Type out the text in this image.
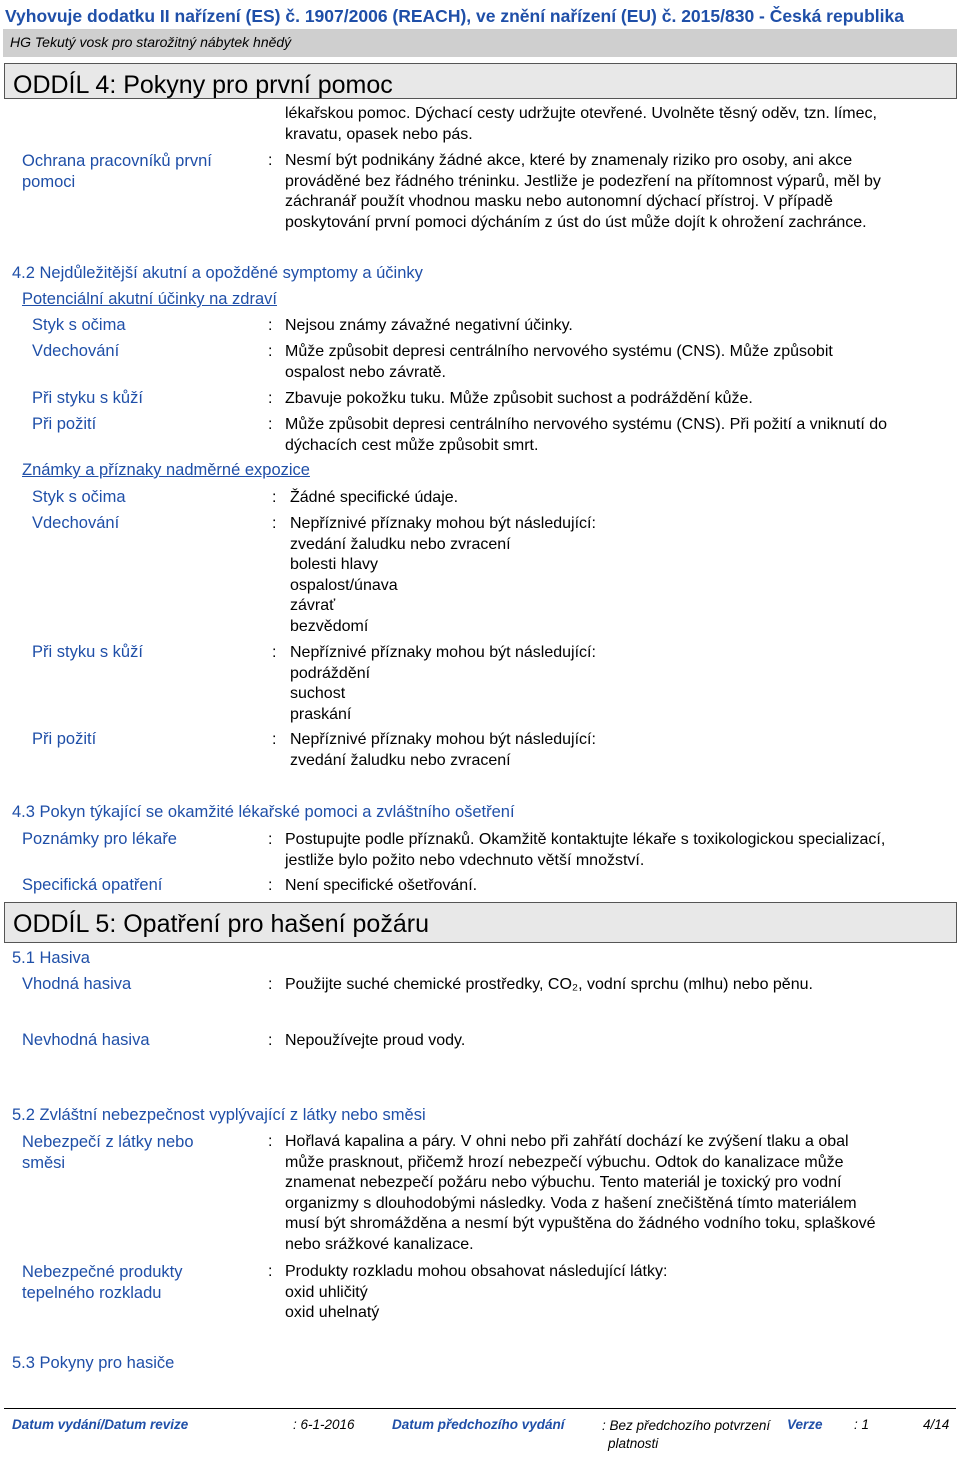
Vyhovuje dodatku II nařízení (ES) č. 1907/2006 (REACH), ve znění nařízení (EU) č. 2015/830 - Česká republika
HG Tekutý vosk pro starožitný nábytek hnědý
ODDÍL 4: Pokyny pro první pomoc
lékařskou pomoc. Dýchací cesty udržujte otevřené. Uvolněte těsný oděv, tzn. límec,
kravatu, opasek nebo pás.
Ochrana pracovníků první
pomoci
: Nesmí být podnikány žádné akce, které by znamenaly riziko pro osoby, ani akce
prováděné bez řádného tréninku. Jestliže je podezření na přítomnost výparů, měl by
záchranář použít vhodnou masku nebo autonomní dýchací přístroj. V případě
poskytování první pomoci dýcháním z úst do úst může dojít k ohrožení zachránce.
4.2 Nejdůležitější akutní a opožděné symptomy a účinky
Potenciální akutní účinky na zdraví
Styk s očima	: Nejsou známy závažné negativní účinky.
Vdechování	: Může způsobit depresi centrálního nervového systému (CNS). Může způsobit
ospalost nebo závratě.
Při styku s kůží	: Zbavuje pokožku tuku. Může způsobit suchost a podráždění kůže.
Při požití	: Může způsobit depresi centrálního nervového systému (CNS). Při požití a vniknutí do
dýchacích cest může způsobit smrt.
Známky a příznaky nadměrné expozice
Styk s očima	: Žádné specifické údaje.
Vdechování	: Nepříznivé příznaky mohou být následující:
zvedání žaludku nebo zvracení
bolesti hlavy
ospalost/únava
závrať
bezvědomí
Při styku s kůží	: Nepříznivé příznaky mohou být následující:
podráždění
suchost
praskání
Při požití	: Nepříznivé příznaky mohou být následující:
zvedání žaludku nebo zvracení
4.3 Pokyn týkající se okamžité lékařské pomoci a zvláštního ošetření
Poznámky pro lékaře	: Postupujte podle příznaků. Okamžitě kontaktujte lékaře s toxikologickou specializací,
jestliže bylo požito nebo vdechnuto větší množství.
Specifická opatření	: Není specifické ošetřování.
ODDÍL 5: Opatření pro hašení požáru
5.1 Hasiva
Vhodná hasiva	: Použijte suché chemické prostředky, CO₂, vodní sprchu (mlhu) nebo pěnu.
Nevhodná hasiva	: Nepoužívejte proud vody.
5.2 Zvláštní nebezpečnost vyplývající z látky nebo směsi
Nebezpečí z látky nebo
směsi
: Hořlavá kapalina a páry. V ohni nebo při zahřátí dochází ke zvýšení tlaku a obal
může prasknout, přičemž hrozí nebezpečí výbuchu. Odtok do kanalizace může
znamenat nebezpečí požáru nebo výbuchu. Tento materiál je toxický pro vodní
organizmy s dlouhodobými následky. Voda z hašení znečištěná tímto materiálem
musí být shromážděna a nesmí být vypuštěna do žádného vodního toku, splaškové
nebo srážkové kanalizace.
Nebezpečné produkty
tepelného rozkladu
: Produkty rozkladu mohou obsahovat následující látky:
oxid uhličitý
oxid uhelnatý
5.3 Pokyny pro hasiče
Datum vydání/Datum revize	: 6-1-2016	Datum předchozího vydání	: Bez předchozího potvrzení
platnosti
Verze : 1	4/14
